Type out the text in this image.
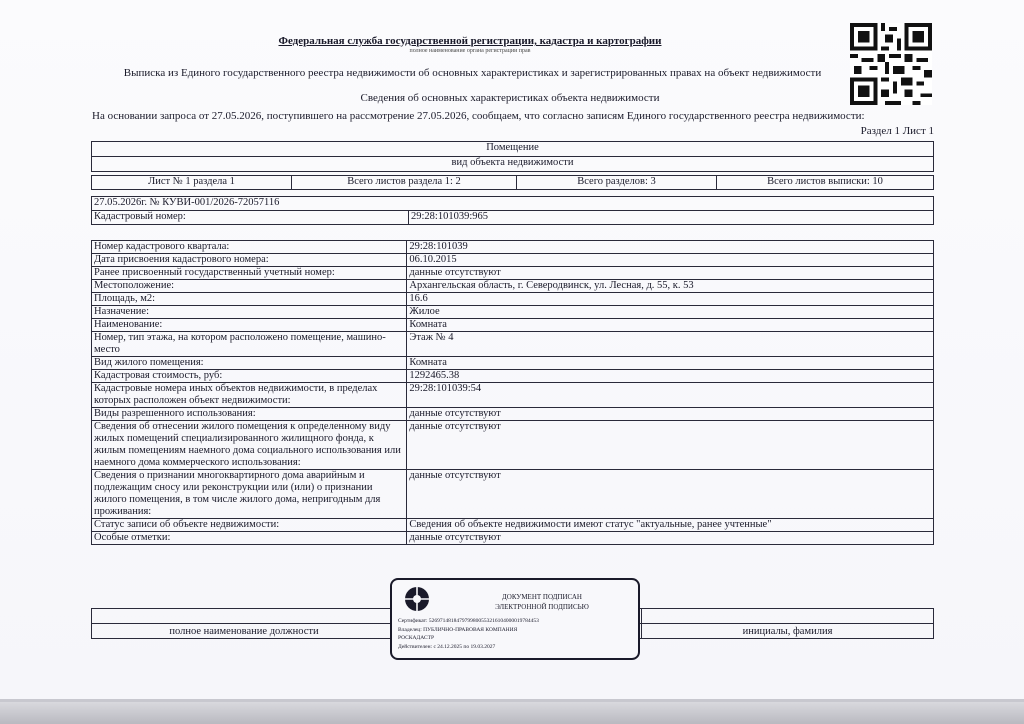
Федеральная служба государственной регистрации, кадастра и картографии
полное наименование органа регистрации прав
Выписка из Единого государственного реестра недвижимости об основных характеристиках и зарегистрированных правах на объект недвижимости
Сведения об основных характеристиках объекта недвижимости
На основании запроса от 27.05.2026, поступившего на рассмотрение 27.05.2026, сообщаем, что согласно записям Единого государственного реестра недвижимости:
Раздел 1 Лист 1
Помещение
вид объекта недвижимости
Лист № 1 раздела 1	Всего листов раздела 1: 2	Всего разделов: 3	Всего листов выписки: 10
27.05.2026г. № КУВИ-001/2026-72057116
Кадастровый номер:	29:28:101039:965
Номер кадастрового квартала:	29:28:101039
Дата присвоения кадастрового номера:	06.10.2015
Ранее присвоенный государственный учетный номер:	данные отсутствуют
Местоположение:	Архангельская область, г. Северодвинск, ул. Лесная, д. 55, к. 53
Площадь, м2:	16.6
Назначение:	Жилое
Наименование:	Комната
Номер, тип этажа, на котором расположено помещение, машино-место	Этаж № 4
Вид жилого помещения:	Комната
Кадастровая стоимость, руб:	1292465.38
Кадастровые номера иных объектов недвижимости, в пределах которых расположен объект недвижимости:	29:28:101039:54
Виды разрешенного использования:	данные отсутствуют
Сведения об отнесении жилого помещения к определенному виду жилых помещений специализированного жилищного фонда, к жилым помещениям наемного дома социального использования или наемного дома коммерческого использования:	данные отсутствуют
Сведения о признании многоквартирного дома аварийным и подлежащим сносу или реконструкции или (или) о признании жилого помещения, в том числе жилого дома, непригодным для проживания:	данные отсутствуют
Статус записи об объекте недвижимости:	Сведения об объекте недвижимости имеют статус "актуальные, ранее учтенные"
Особые отметки:	данные отсутствуют

полное наименование должности		инициалы, фамилия
ДОКУМЕНТ ПОДПИСАН
ЭЛЕКТРОННОЙ ПОДПИСЬЮ
Сертификат: 5269714818479799800553216104000019784453
Владелец: ПУБЛИЧНО-ПРАВОВАЯ КОМПАНИЯ
РОСКАДАСТР
Действителен: с 24.12.2025 по 19.03.2027
